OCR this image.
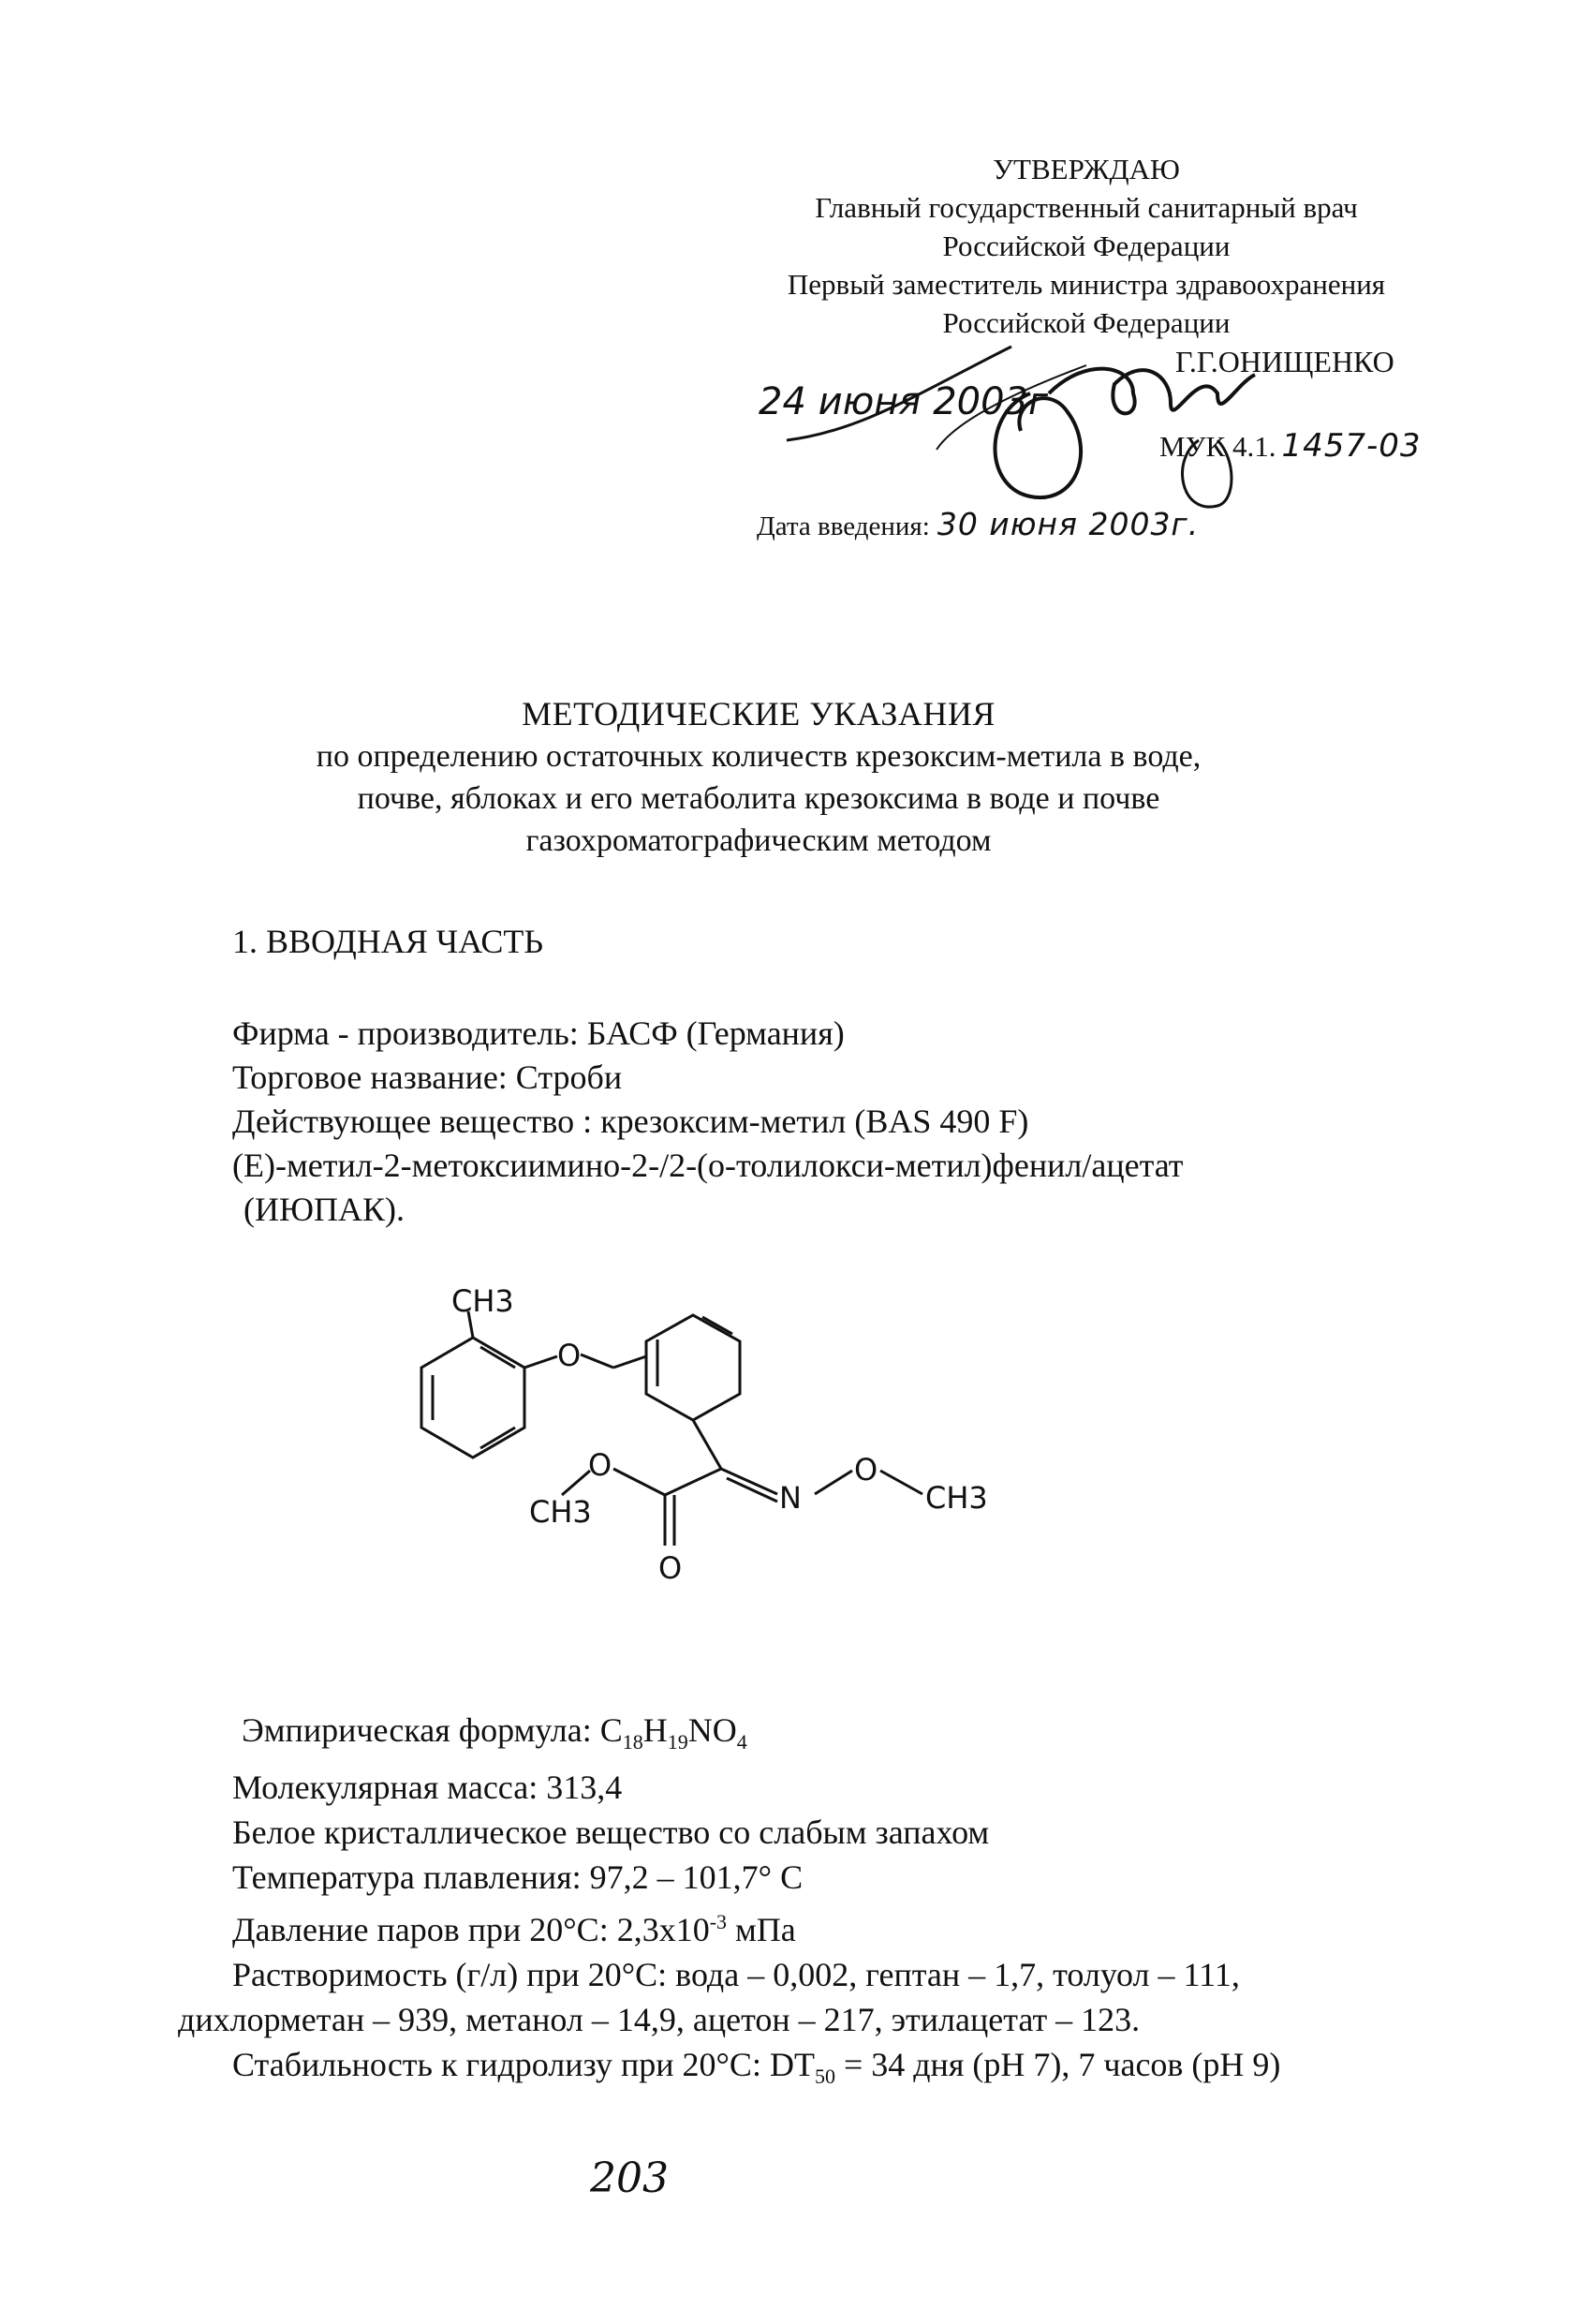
УТВЕРЖДАЮ
Главный государственный санитарный врач
Российской Федерации
Первый заместитель министра здравоохранения
Российской Федерации
Г.Г.ОНИЩЕНКО
24 июня 2003г
МУК 4.1. 1457-03
Дата введения: 30 июня 2003г.
МЕТОДИЧЕСКИЕ УКАЗАНИЯ
по определению остаточных количеств крезоксим-метила в воде,
почве, яблоках и его метаболита крезоксима в воде и почве
газохроматографическим методом
1. ВВОДНАЯ ЧАСТЬ
Фирма - производитель: БАСФ (Германия)
Торговое название: Строби
Действующее вещество : крезоксим-метил (BAS 490 F)
(E)-метил-2-метоксиимино-2-/2-(о-толилокси-метил)фенил/ацетат
(ИЮПАК).
CH3
O
O
CH3
O
N
O
CH3
Эмпирическая формула: $C_{18}H_{19}NO_4$
Молекулярная масса: 313,4
Белое кристаллическое вещество со слабым запахом
Температура плавления: 97,2 – 101,7° C
Давление паров при 20°C: $2,3x10^{-3}$ мПа
Растворимость (г/л) при 20°C: вода – 0,002, гептан – 1,7, толуол – 111,
дихлорметан – 939, метанол – 14,9, ацетон – 217, этилацетат – 123.
Стабильность к гидролизу при 20°C: $DT_{50} = 34$ дня (pH 7), 7 часов (pH 9)
203
